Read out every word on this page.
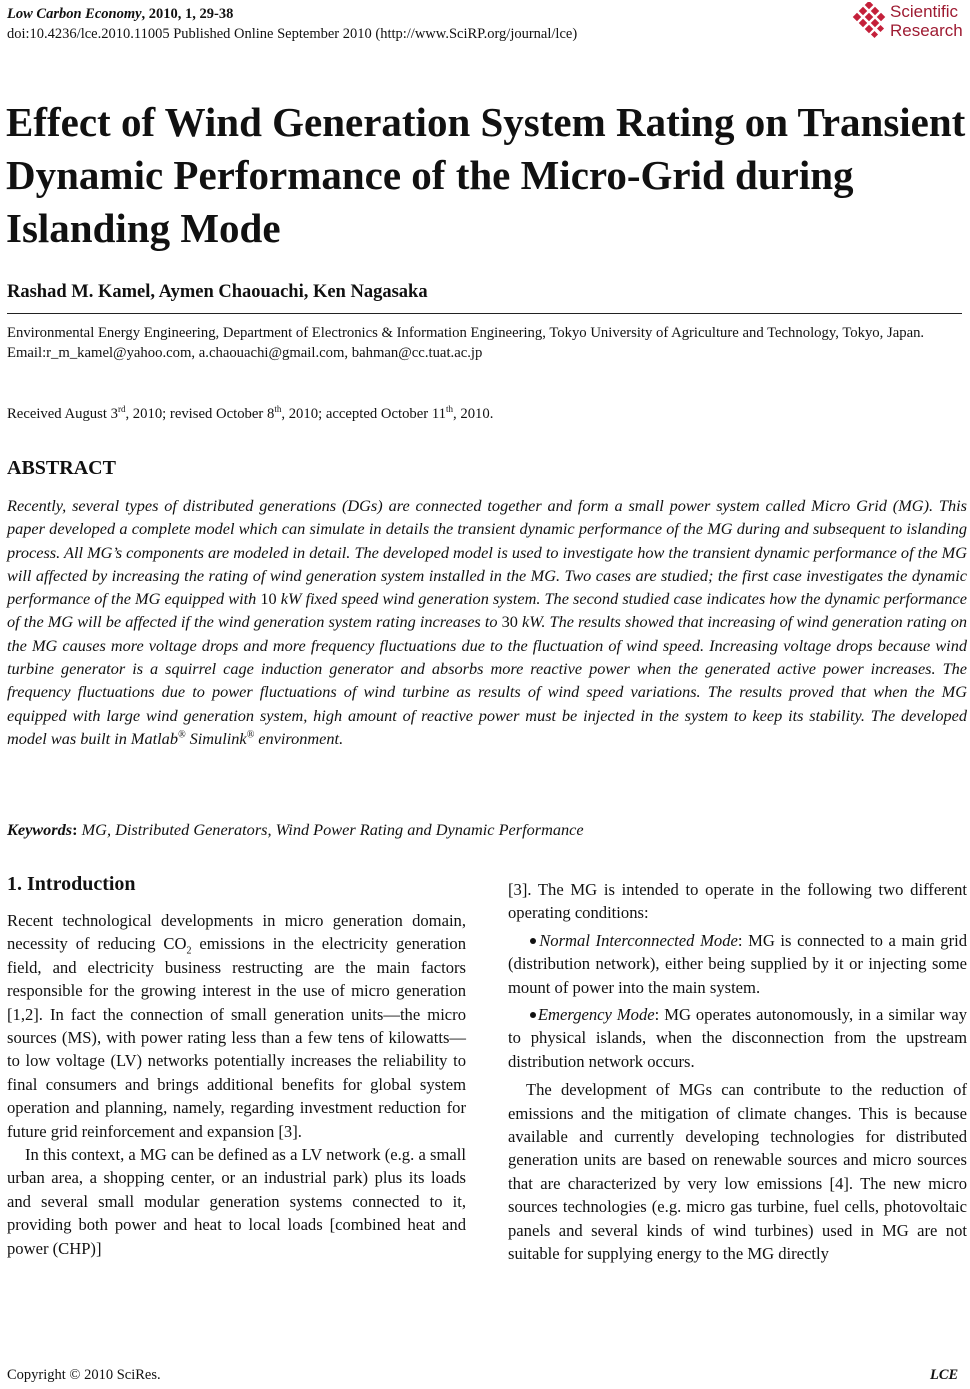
Low Carbon Economy, 2010, 1, 29-38
doi:10.4236/lce.2010.11005 Published Online September 2010 (http://www.SciRP.org/journal/lce)
Scientific
Research
Effect of Wind Generation System Rating on Transient Dynamic Performance of the Micro-Grid during Islanding Mode
Rashad M. Kamel, Aymen Chaouachi, Ken Nagasaka
Environmental Energy Engineering, Department of Electronics & Information Engineering, Tokyo University of Agriculture and Technology, Tokyo, Japan.
Email:r_m_kamel@yahoo.com, a.chaouachi@gmail.com, bahman@cc.tuat.ac.jp
Received August 3rd, 2010; revised October 8th, 2010; accepted October 11th, 2010.
ABSTRACT

Recently, several types of distributed generations (DGs) are connected together and form a small power system called Micro Grid (MG). This paper developed a complete model which can simulate in details the transient dynamic performance of the MG during and subsequent to islanding process. All MG’s components are modeled in detail. The developed model is used to investigate how the transient dynamic performance of the MG will affected by increasing the rating of wind generation system installed in the MG. Two cases are studied; the first case investigates the dynamic performance of the MG equipped with 10 kW fixed speed wind generation system. The second studied case indicates how the dynamic performance of the MG will be affected if the wind generation system rating increases to 30 kW. The results showed that increasing of wind generation rating on the MG causes more voltage drops and more frequency fluctuations due to the fluctuation of wind speed. Increasing voltage drops because wind turbine generator is a squirrel cage induction generator and absorbs more reactive power when the generated active power increases. The frequency fluctuations due to power fluctuations of wind turbine as results of wind speed variations. The results proved that when the MG equipped with large wind generation system, high amount of reactive power must be injected in the system to keep its stability. The developed model was built in Matlab® Simulink® environment.

Keywords: MG, Distributed Generators, Wind Power Rating and Dynamic Performance
1. Introduction

Recent technological developments in micro generation domain, necessity of reducing $CO_2$ emissions in the electricity generation field, and electricity business restructing are the main factors responsible for the growing interest in the use of micro generation [1,2]. In fact the connection of small generation units—the micro sources (MS), with power rating less than a few tens of kilowatts—to low voltage (LV) networks potentially increases the reliability to final consumers and brings additional benefits for global system operation and planning, namely, regarding investment reduction for future grid reinforcement and expansion [3].

In this context, a MG can be defined as a LV network (e.g. a small urban area, a shopping center, or an industrial park) plus its loads and several small modular generation systems connected to it, providing both power and heat to local loads [combined heat and power (CHP)]

[3]. The MG is intended to operate in the following two different operating conditions:

Normal Interconnected Mode: MG is connected to a main grid (distribution network), either being supplied by it or injecting some mount of power into the main system.

Emergency Mode: MG operates autonomously, in a similar way to physical islands, when the disconnection from the upstream distribution network occurs.

The development of MGs can contribute to the reduction of emissions and the mitigation of climate changes. This is because available and currently developing technologies for distributed generation units are based on renewable sources and micro sources that are characterized by very low emissions [4]. The new micro sources technologies (e.g. micro gas turbine, fuel cells, photovoltaic panels and several kinds of wind turbines) used in MG are not suitable for supplying energy to the MG directly

Copyright © 2010 SciRes.	LCE
